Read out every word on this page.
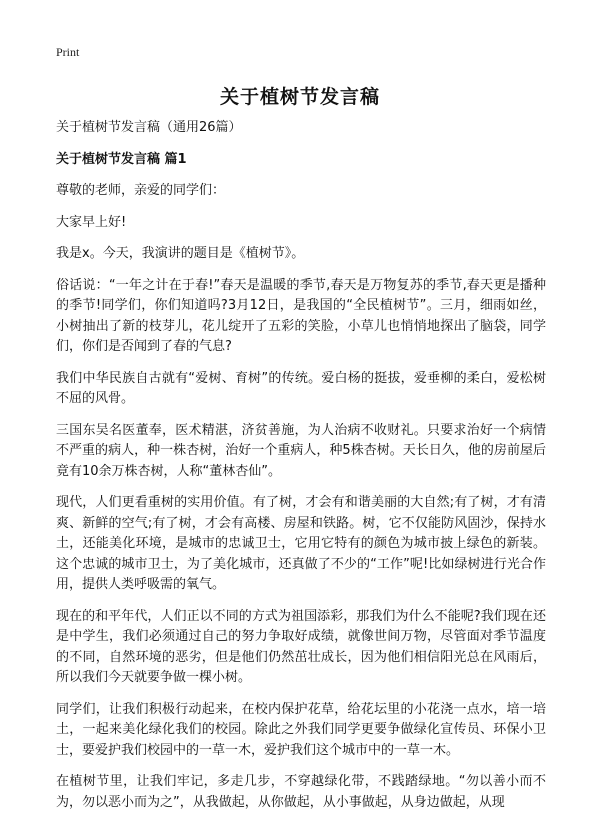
Print
关于植树节发言稿

关于植树节发言稿（通用26篇）

关于植树节发言稿 篇1

尊敬的老师，亲爱的同学们：

大家早上好!

我是x。今天，我演讲的题目是《植树节》。

俗话说：“一年之计在于春!”春天是温暖的季节,春天是万物复苏的季节,春天更是播种的季节!同学们，你们知道吗?3月12日，是我国的“全民植树节”。三月，细雨如丝，小树抽出了新的枝芽儿，花儿绽开了五彩的笑脸，小草儿也悄悄地探出了脑袋，同学们，你们是否闻到了春的气息?

我们中华民族自古就有“爱树、育树”的传统。爱白杨的挺拔，爱垂柳的柔白，爱松树不屈的风骨。

三国东吴名医董奉，医术精湛，济贫善施，为人治病不收财礼。只要求治好一个病情不严重的病人，种一株杏树，治好一个重病人，种5株杏树。天长日久，他的房前屋后竟有10余万株杏树，人称“董林杏仙”。

现代，人们更看重树的实用价值。有了树，才会有和谐美丽的大自然;有了树，才有清爽、新鲜的空气;有了树，才会有高楼、房屋和铁路。树，它不仅能防风固沙，保持水土，还能美化环境，是城市的忠诚卫士，它用它特有的颜色为城市披上绿色的新装。这个忠诚的城市卫士，为了美化城市，还真做了不少的“工作”呢!比如绿树进行光合作用，提供人类呼吸需的氧气。

现在的和平年代，人们正以不同的方式为祖国添彩，那我们为什么不能呢?我们现在还是中学生，我们必须通过自己的努力争取好成绩，就像世间万物，尽管面对季节温度的不同，自然环境的恶劣，但是他们仍然茁壮成长，因为他们相信阳光总在风雨后，所以我们今天就要争做一棵小树。

同学们，让我们积极行动起来，在校内保护花草，给花坛里的小花浇一点水，培一培土，一起来美化绿化我们的校园。除此之外我们同学更要争做绿化宣传员、环保小卫士，要爱护我们校园中的一草一木，爱护我们这个城市中的一草一木。

在植树节里，让我们牢记，多走几步，不穿越绿化带，不践踏绿地。“勿以善小而不为，勿以恶小而为之”，从我做起，从你做起，从小事做起，从身边做起，从现
